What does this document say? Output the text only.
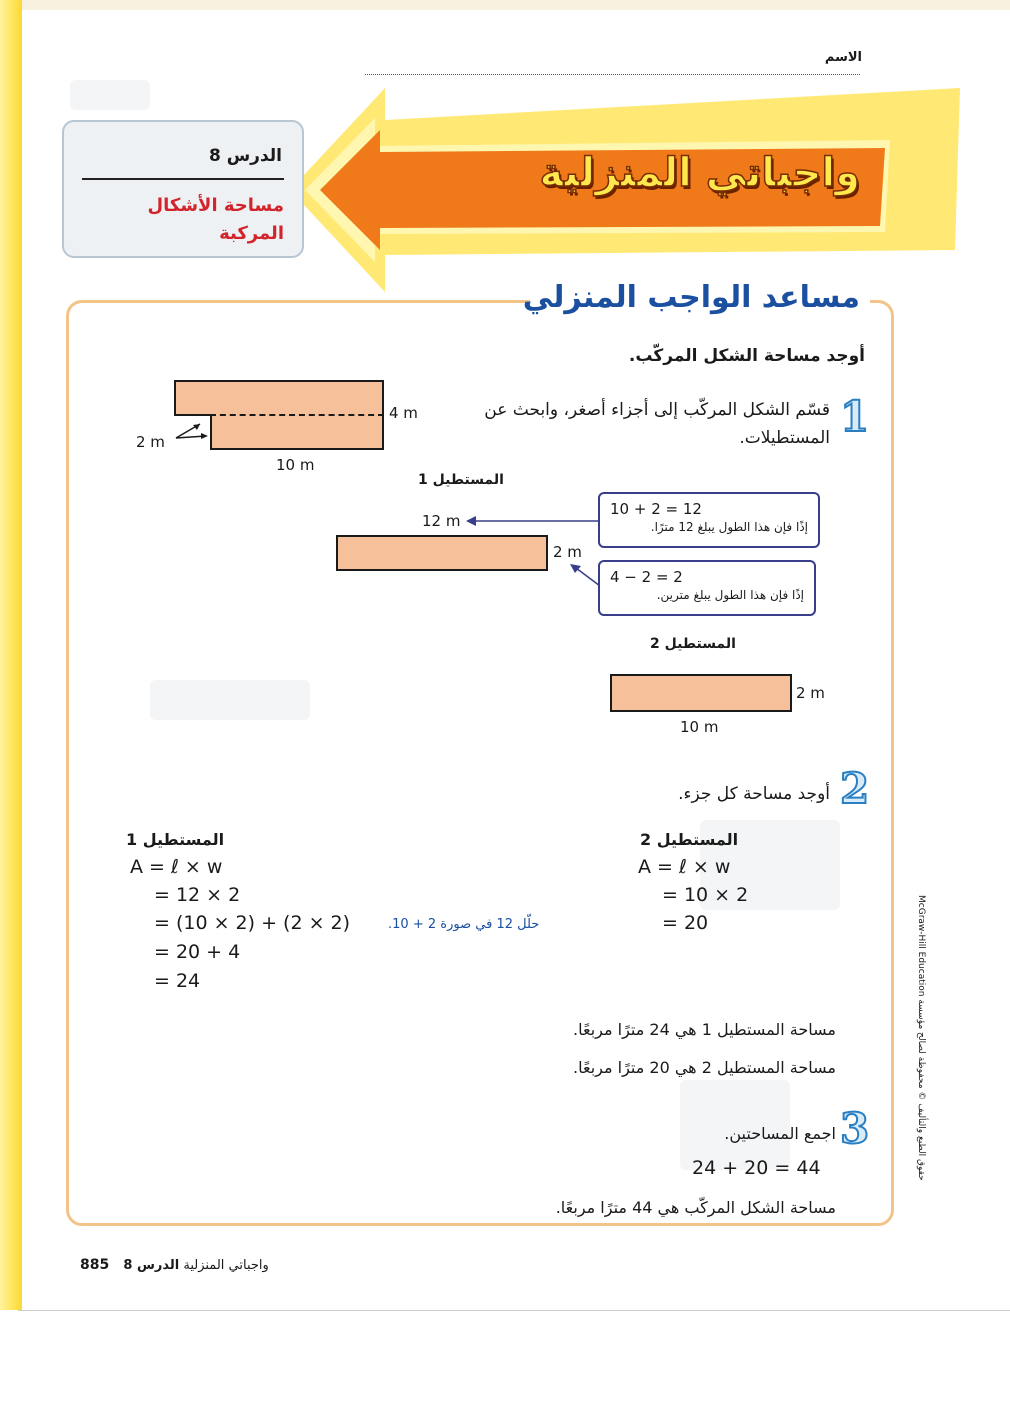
الاسم
واجباتي المنزلية
الدرس 8
مساحة الأشكال المركبة
مساعد الواجب المنزلي
أوجد مساحة الشكل المركّب.
1
قسّم الشكل المركّب إلى أجزاء أصغر، وابحث عن المستطيلات.
4 m
2 m
10 m
المستطيل 1
12 m
2 m
10 + 2 = 12
إذًا فإن هذا الطول يبلغ 12 مترًا.
4 − 2 = 2
إذًا فإن هذا الطول يبلغ مترين.
المستطيل 2
2 m
10 m
2
أوجد مساحة كل جزء.
المستطيل 1
A = ℓ × w
= 12 × 2
= (10 × 2) + (2 × 2)
= 20 + 4
= 24
حلّل 12 في صورة 2 + 10.
المستطيل 2
A = ℓ × w
= 10 × 2
= 20
مساحة المستطيل 1 هي 24 مترًا مربعًا.
مساحة المستطيل 2 هي 20 مترًا مربعًا.
3
اجمع المساحتين.
24 + 20 = 44
مساحة الشكل المركّب هي 44 مترًا مربعًا.
حقوق الطبع والتأليف © محفوظة لصالح مؤسسة McGraw-Hill Education
885	واجباتي المنزلية الدرس 8
